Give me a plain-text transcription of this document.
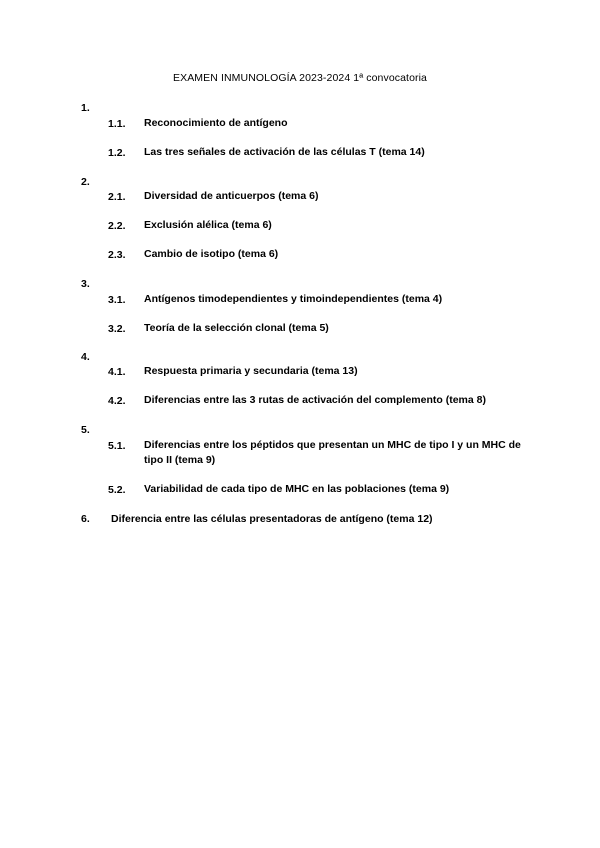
EXAMEN INMUNOLOGÍA 2023-2024 1ª convocatoria
1.
1.1. Reconocimiento de antígeno
1.2. Las tres señales de activación de las células T (tema 14)
2.
2.1. Diversidad de anticuerpos (tema 6)
2.2. Exclusión alélica (tema 6)
2.3. Cambio de isotipo (tema 6)
3.
3.1. Antígenos timodependientes y timoindependientes (tema 4)
3.2. Teoría de la selección clonal (tema 5)
4.
4.1. Respuesta primaria y secundaria (tema 13)
4.2. Diferencias entre las 3 rutas de activación del complemento (tema 8)
5.
5.1. Diferencias entre los péptidos que presentan un MHC de tipo I y un MHC de tipo II (tema 9)
5.2. Variabilidad de cada tipo de MHC en las poblaciones (tema 9)
6. Diferencia entre las células presentadoras de antígeno (tema 12)
